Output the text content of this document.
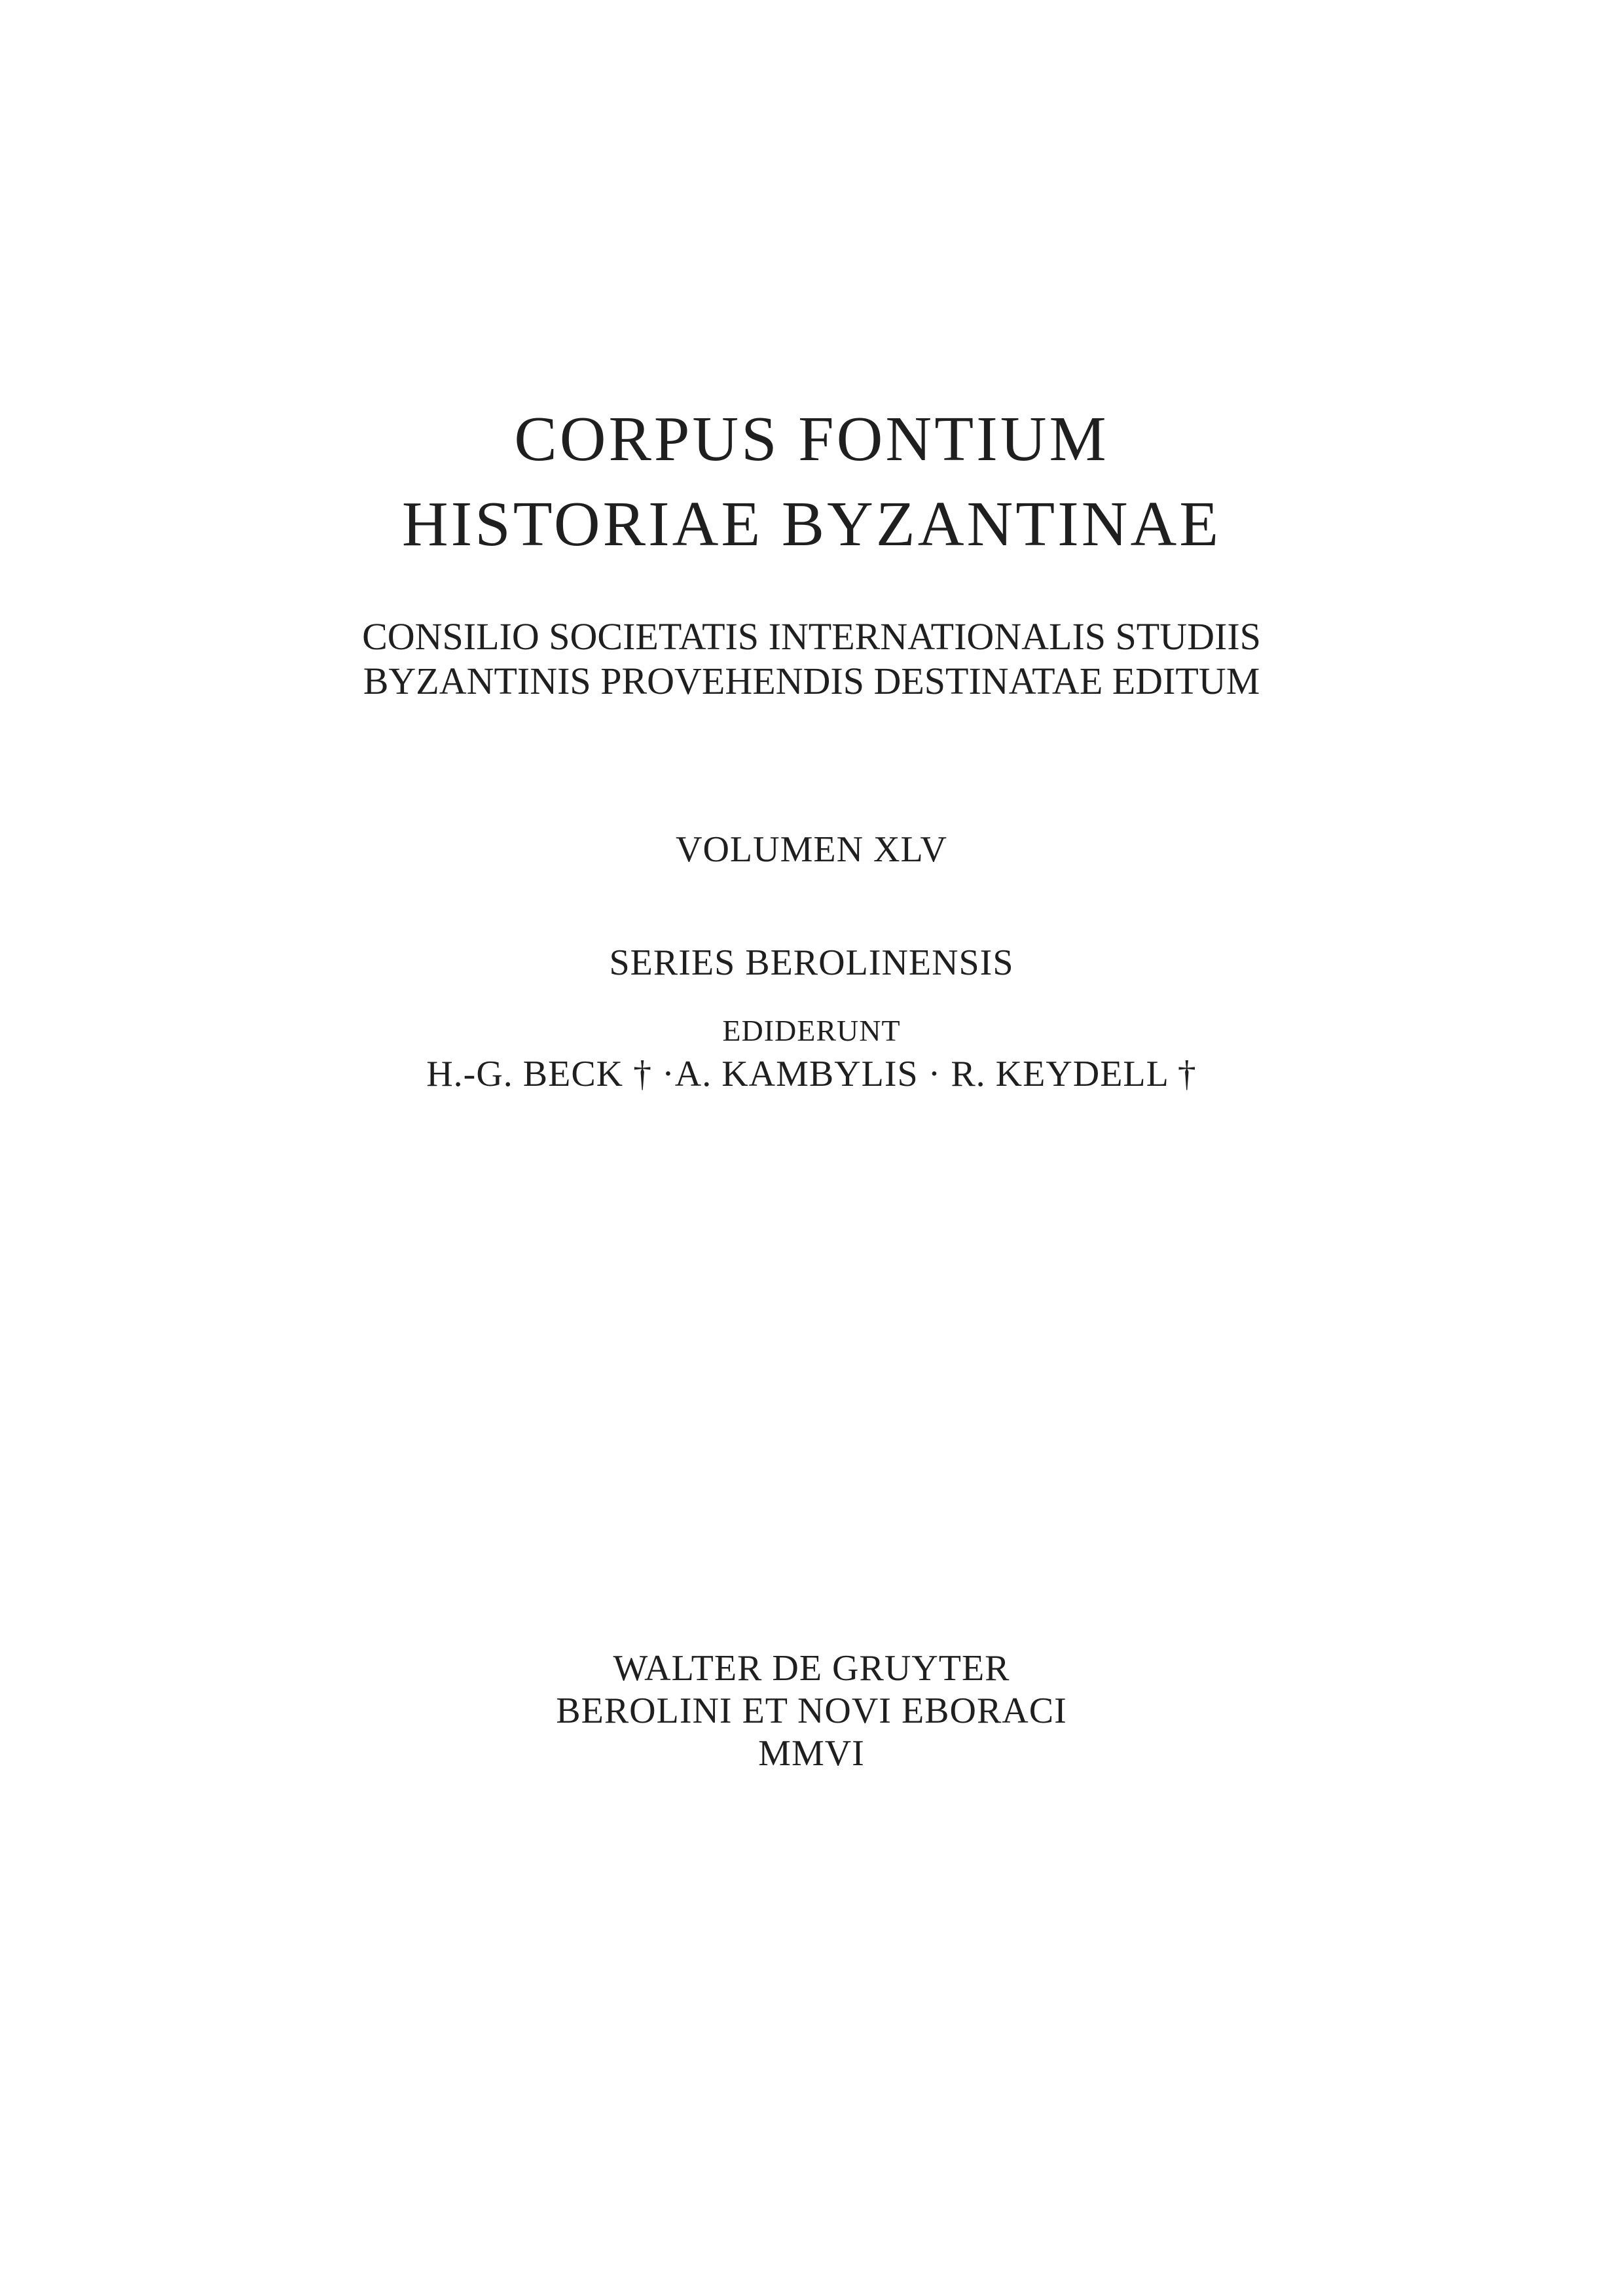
CORPUS FONTIUM
HISTORIAE BYZANTINAE
CONSILIO SOCIETATIS INTERNATIONALIS STUDIIS
BYZANTINIS PROVEHENDIS DESTINATAE EDITUM
VOLUMEN XLV
SERIES BEROLINENSIS
EDIDERUNT
H.-G. BECK † ·A. KAMBYLIS · R. KEYDELL †
WALTER DE GRUYTER
BEROLINI ET NOVI EBORACI
MMVI
